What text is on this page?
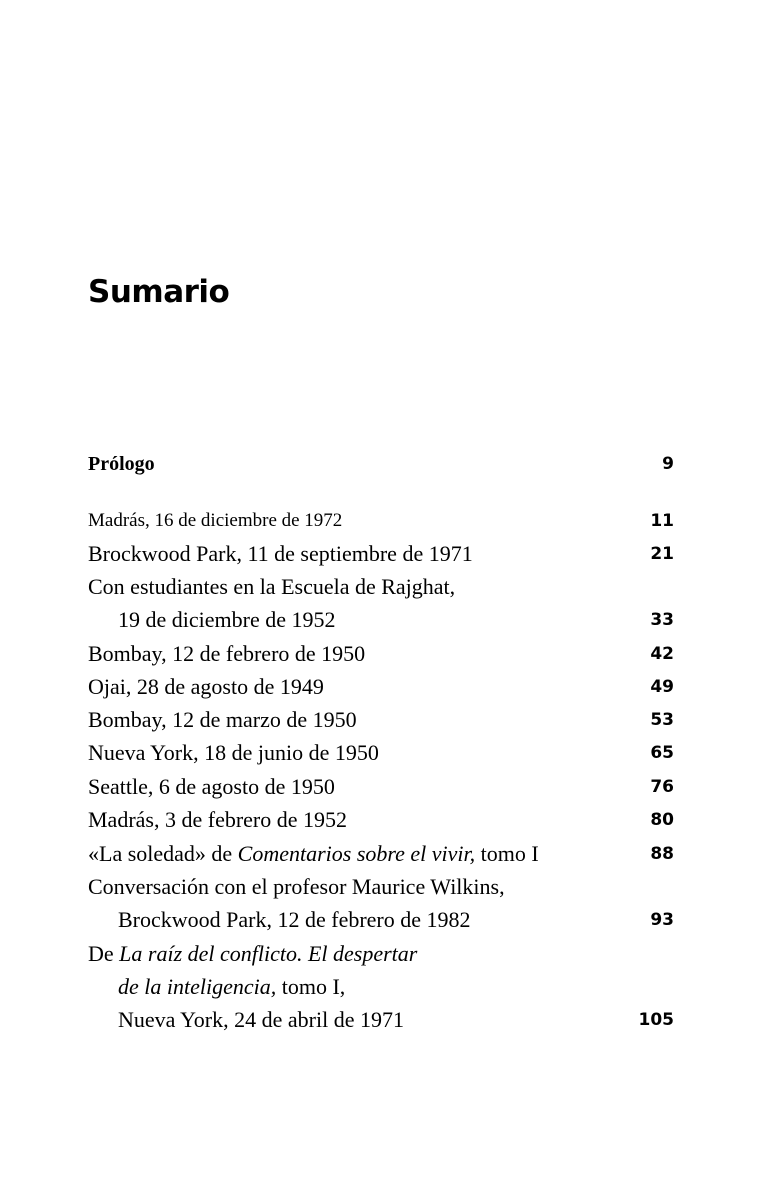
Sumario
Prólogo	9
Madrás, 16 de diciembre de 1972	11
Brockwood Park, 11 de septiembre de 1971	21
Con estudiantes en la Escuela de Rajghat,
19 de diciembre de 1952	33
Bombay, 12 de febrero de 1950	42
Ojai, 28 de agosto de 1949	49
Bombay, 12 de marzo de 1950	53
Nueva York, 18 de junio de 1950	65
Seattle, 6 de agosto de 1950	76
Madrás, 3 de febrero de 1952	80
«La soledad» de Comentarios sobre el vivir, tomo I	88
Conversación con el profesor Maurice Wilkins,
Brockwood Park, 12 de febrero de 1982	93
De La raíz del conflicto. El despertar
de la inteligencia, tomo I,
Nueva York, 24 de abril de 1971	105
